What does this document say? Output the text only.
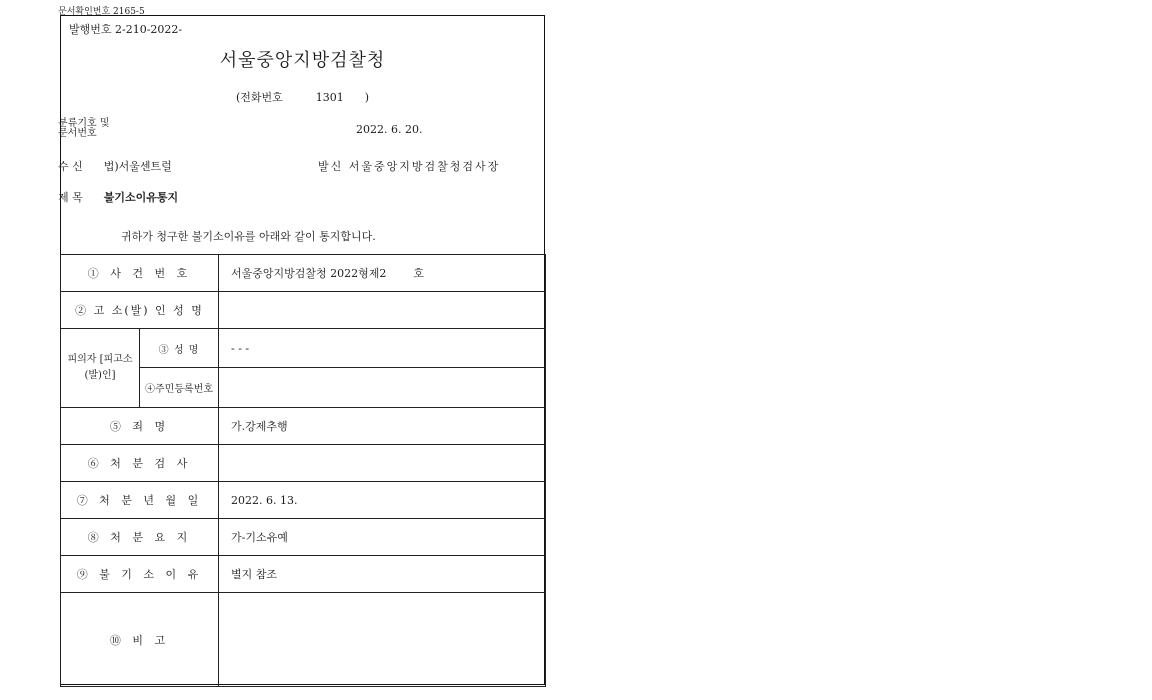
문서확인번호 2165-5
발행번호 2-210-2022-
서울중앙지방검찰청
(전화번호	1301 )
분류기호 및
문서번호	2022. 6. 20.
수 신 법)서울센트럴	발신 서울중앙지방검찰청검사장
제 목 불기소이유통지
귀하가 청구한 불기소이유를 아래와 같이 통지합니다.
① 사 건 번 호		서울중앙지방검찰청 2022형제2 호
② 고 소(발) 인 성 명		
피의자 [피고소(발)인]	③ 성 명	- - -
	④주민등록번호	
⑤ 죄 명		가.강제추행
⑥ 처 분 검 사		
⑦ 처 분 년 월 일		2022. 6. 13.
⑧ 처 분 요 지		가-기소유예
⑨ 불 기 소 이 유		별지 참조
⑩ 비 고		
